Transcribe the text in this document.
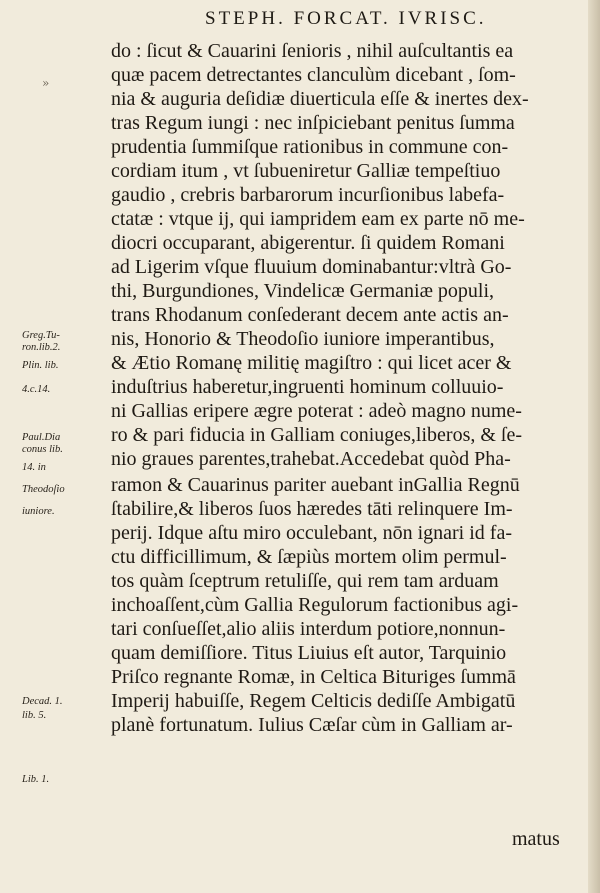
STEPH. FORCAT. IVRISC.
»
do : ſicut & Cauarini ſenioris , nihil auſcultantis ea
quæ pacem detrectantes clanculùm dicebant , ſom-
nia & auguria deſidiæ diuerticula eſſe & inertes dex-
tras Regum iungi : nec inſpiciebant penitus ſumma
prudentia ſummiſque rationibus in commune con-
cordiam itum , vt ſubueniretur Galliæ tempeſtiuo
gaudio , crebris barbarorum incurſionibus labefa-
ctatæ : vtque ij, qui iampridem eam ex parte nō me-
diocri occuparant, abigerentur. ſi quidem Romani
ad Ligerim vſque fluuium dominabantur:vltrà Go-
thi, Burgundiones, Vindelicæ Germaniæ populi,
trans Rhodanum conſederant decem ante actis an-
nis, Honorio & Theodoſio iuniore imperantibus,
& Ætio Romanę militię magiſtro : qui licet acer &
induſtrius haberetur,ingruenti hominum colluuio-
ni Gallias eripere ægre poterat : adeò magno nume-
ro & pari fiducia in Galliam coniuges,liberos, & ſe-
nio graues parentes,trahebat.Accedebat quòd Pha-
ramon & Cauarinus pariter auebant inGallia Regnū
ſtabilire,& liberos ſuos hæredes tāti relinquere Im-
perij. Idque aſtu miro occulebant, nōn ignari id fa-
ctu difficillimum, & ſæpiùs mortem olim permul-
tos quàm ſceptrum retuliſſe, qui rem tam arduam
inchoaſſent,cùm Gallia Regulorum factionibus agi-
tari conſueſſet,alio aliis interdum potiore,nonnun-
quam demiſſiore. Titus Liuius eſt autor, Tarquinio
Priſco regnante Romæ, in Celtica Bituriges ſummā
Imperij habuiſſe, Regem Celticis dediſſe Ambigatū
planè fortunatum. Iulius Cæſar cùm in Galliam ar-
Greg.Tu-
ron.lib.2.
Plin. lib.
4.c.14.
Paul.Dia
conus lib.
14. in
Theodoſio
iuniore.
Decad. 1.
lib. 5.
Lib. 1.
matus
